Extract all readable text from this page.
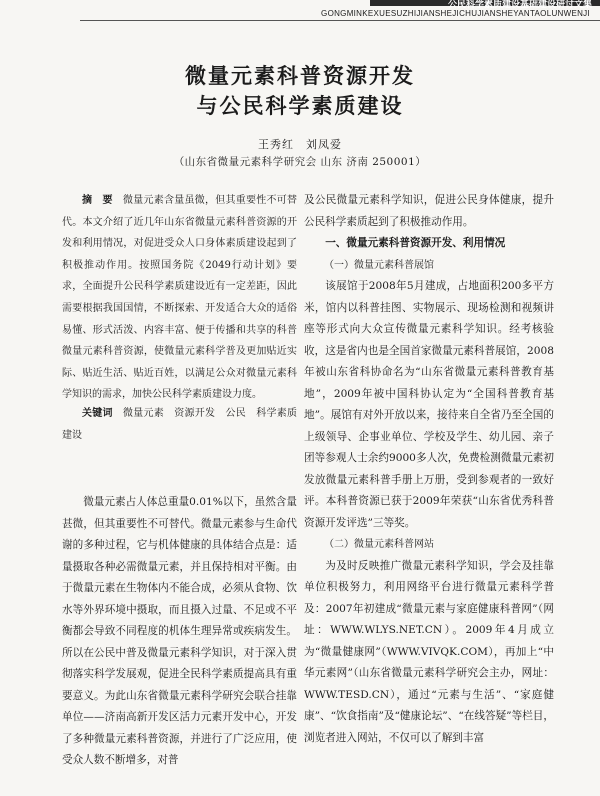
公民科学素质建设基础建设研讨文集
GONGMINKEXUESUZHIJIANSHEJICHUJIANSHEYANTAOLUNWENJI
微量元素科普资源开发
与公民科学素质建设
王秀红　刘凤爱
（山东省微量元素科学研究会 山东 济南 250001）

摘　要　 微量元素含量虽微，但其重要性不可替代。本文介绍了近几年山东省微量元素科普资源的开发和利用情况，对促进受众人口身体素质建设起到了积极推动作用。按照国务院《2049行动计划》要求，全面提升公民科学素质建设近有一定差距，因此需要根据我国国情，不断探索、开发适合大众的适俗易懂、形式活泼、内容丰富、便于传播和共享的科普微量元素科普资源，使微量元素科学普及更加贴近实际、贴近生活、贴近百姓，以满足公众对微量元素科学知识的需求，加快公民科学素质建设力度。

关键词　 微量元素　资源开发　公民　科学素质　建设

微量元素占人体总重量0.01%以下，虽然含量甚微，但其重要性不可替代。微量元素参与生命代谢的多种过程，它与机体健康的具体结合点是：适量摄取各种必需微量元素，并且保持相对平衡。由于微量元素在生物体内不能合成，必须从食物、饮水等外界环境中摄取，而且摄入过量、不足或不平衡都会导致不同程度的机体生理异常或疾病发生。所以在公民中普及微量元素科学知识，对于深入贯彻落实科学发展观，促进全民科学素质提高具有重要意义。为此山东省微量元素科学研究会联合挂靠单位——济南高新开发区活力元素开发中心，开发了多种微量元素科普资源，并进行了广泛应用，使受众人数不断增多，对普

及公民微量元素科学知识，促进公民身体健康，提升公民科学素质起到了积极推动作用。

一、微量元素科普资源开发、利用情况

（一）微量元素科普展馆

该展馆于2008年5月建成，占地面积200多平方米，馆内以科普挂图、实物展示、现场检测和视频讲座等形式向大众宣传微量元素科学知识。经考核验收，这是省内也是全国首家微量元素科普展馆，2008年被山东省科协命名为“山东省微量元素科普教育基地”，2009年被中国科协认定为“全国科普教育基地”。展馆有对外开放以来，接待来自全省乃至全国的上级领导、企事业单位、学校及学生、幼儿园、亲子团等参观人士余约9000多人次，免费检测微量元素初发放微量元素科普手册上万册，受到参观者的一致好评。本科普资源已获于2009年荣获“山东省优秀科普资源开发评选”三等奖。

（二）微量元素科普网站

为及时反映推广微量元素科学知识，学会及挂靠单位积极努力，利用网络平台进行微量元素科学普及：2007年初建成“微量元素与家庭健康科普网”（网址：WWW.WLYS.NET.CN）。2009年4月成立为“微量健康网”（WWW.VIVQK.COM），再加上“中华元素网”（山东省微量元素科学研究会主办，网址：WWW.TESD.CN），通过“元素与生活”、“家庭健康”、“饮食指南”及“健康论坛”、“在线答疑”等栏目，浏览者进入网站，不仅可以了解到丰富
